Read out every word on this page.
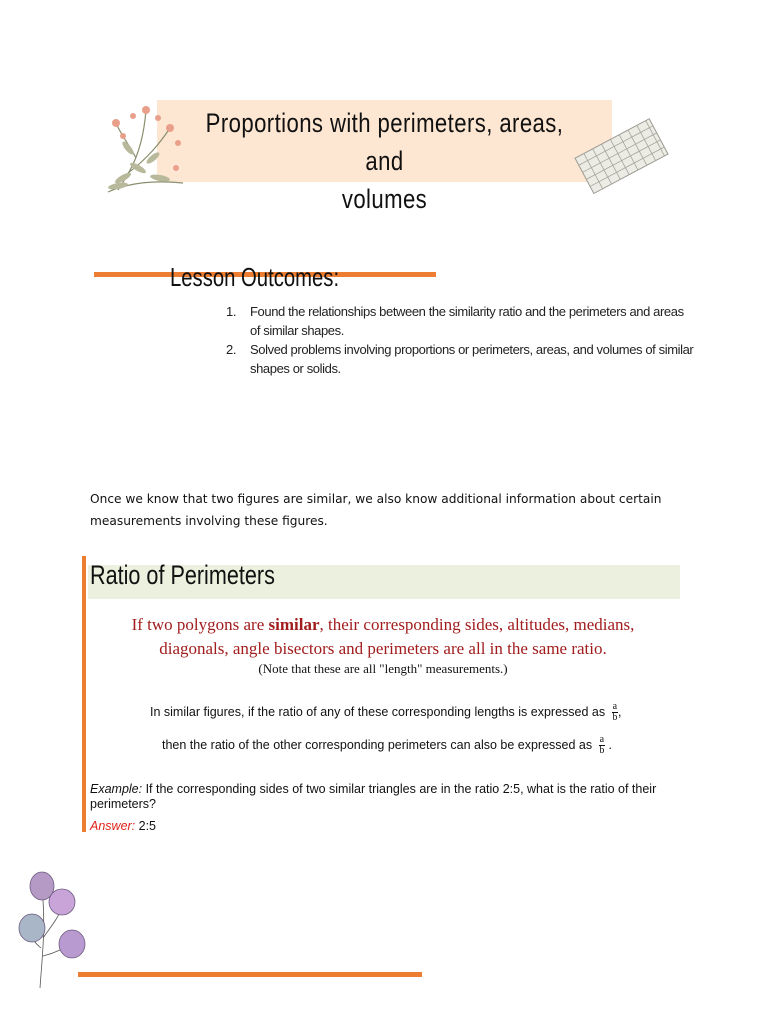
Proportions with perimeters, areas, and
volumes
Lesson Outcomes:
1. Found the relationships between the similarity ratio and the perimeters and areas of similar shapes.
2. Solved problems involving proportions or perimeters, areas, and volumes of similar shapes or solids.
Once we know that two figures are similar, we also know additional information about certain measurements involving these figures.
Ratio of Perimeters
If two polygons are similar, their corresponding sides, altitudes, medians, diagonals, angle bisectors and perimeters are all in the same ratio.
(Note that these are all "length" measurements.)
In similar figures, if the ratio of any of these corresponding lengths is expressed as $\frac{a}{b}$ ,
then the ratio of the other corresponding perimeters can also be expressed as $\frac{a}{b}$ .
Example: If the corresponding sides of two similar triangles are in the ratio 2:5, what is the ratio of their perimeters?
Answer: 2:5
